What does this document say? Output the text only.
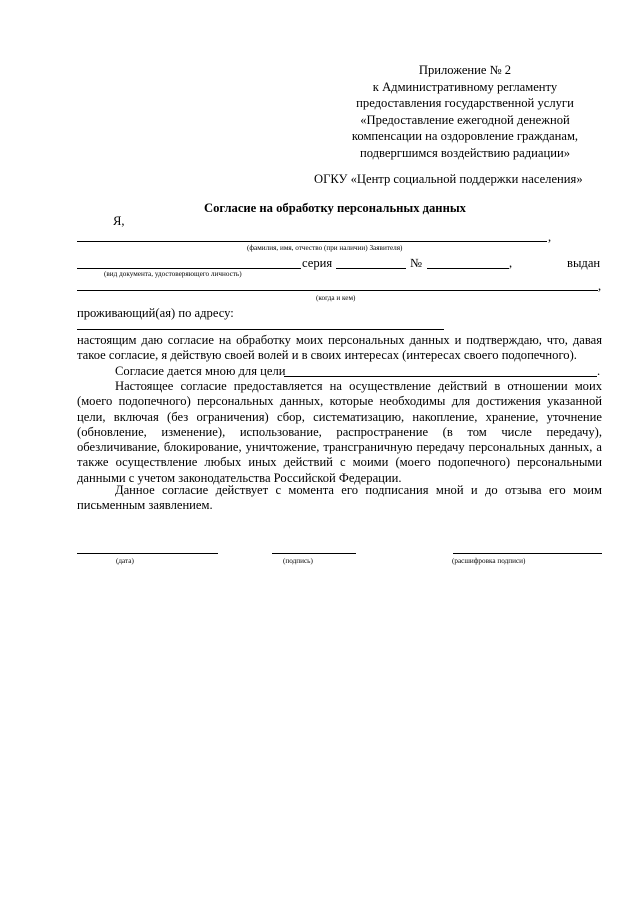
Приложение № 2
к Административному регламенту
предоставления государственной услуги
«Предоставление ежегодной денежной
компенсации на оздоровление гражданам,
подвергшимся воздействию радиации»
ОГКУ «Центр социальной поддержки населения»
Согласие на обработку персональных данных
Я,
,
(фамилия, имя, отчество (при наличии) Заявителя)
серия	№	,	выдан
(вид документа, удостоверяющего личность)
,
(когда и кем)
проживающий(ая) по адресу:
настоящим даю согласие на обработку моих персональных данных и подтверждаю, что, давая такое согласие, я действую своей волей и в своих интересах (интересах своего подопечного).
Согласие дается мною для цели	.
Настоящее согласие предоставляется на осуществление действий в отношении моих (моего подопечного) персональных данных, которые необходимы для достижения указанной цели, включая (без ограничения) сбор, систематизацию, накопление, хранение, уточнение (обновление, изменение), использование, распространение (в том числе передачу), обезличивание, блокирование, уничтожение, трансграничную передачу персональных данных, а также осуществление любых иных действий с моими (моего подопечного) персональными данными с учетом законодательства Российской Федерации.
Данное согласие действует с момента его подписания мной и до отзыва его моим письменным заявлением.
(дата)	(подпись)	(расшифровка подписи)
